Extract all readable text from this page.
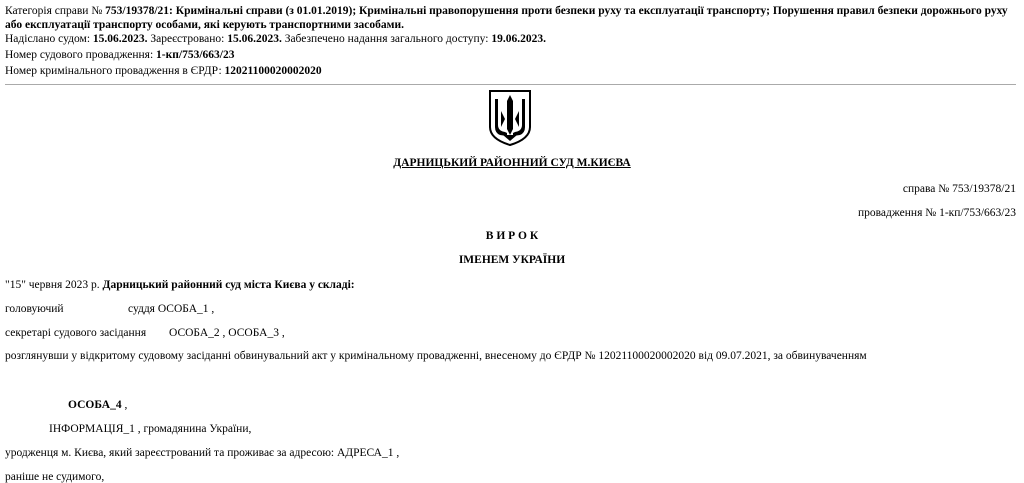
Категорія справи № 753/19378/21: Кримінальні справи (з 01.01.2019); Кримінальні правопорушення проти безпеки руху та експлуатації транспорту; Порушення правил безпеки дорожнього руху або експлуатації транспорту особами, які керують транспортними засобами.
Надіслано судом: 15.06.2023. Зареєстровано: 15.06.2023. Забезпечено надання загального доступу: 19.06.2023.
Номер судового провадження: 1-кп/753/663/23
Номер кримінального провадження в ЄРДР: 12021100020002020
ДАРНИЦЬКИЙ РАЙОННИЙ СУД М.КИЄВА
справа № 753/19378/21
провадження № 1-кп/753/663/23
В И Р О К
ІМЕНЕМ УКРАЇНИ
"15" червня 2023 р. Дарницький районний суд міста Києва у складі:
головуючий	суддя ОСОБА_1 ,
секретарі судового засідання ОСОБА_2 , ОСОБА_3 ,
розглянувши у відкритому судовому засіданні обвинувальний акт у кримінальному провадженні, внесеному до ЄРДР № 12021100020002020 від 09.07.2021, за обвинуваченням
ОСОБА_4 ,
ІНФОРМАЦІЯ_1 , громадянина України,
уродженця м. Києва, який зареєстрований та проживає за адресою: АДРЕСА_1 ,
раніше не судимого,
